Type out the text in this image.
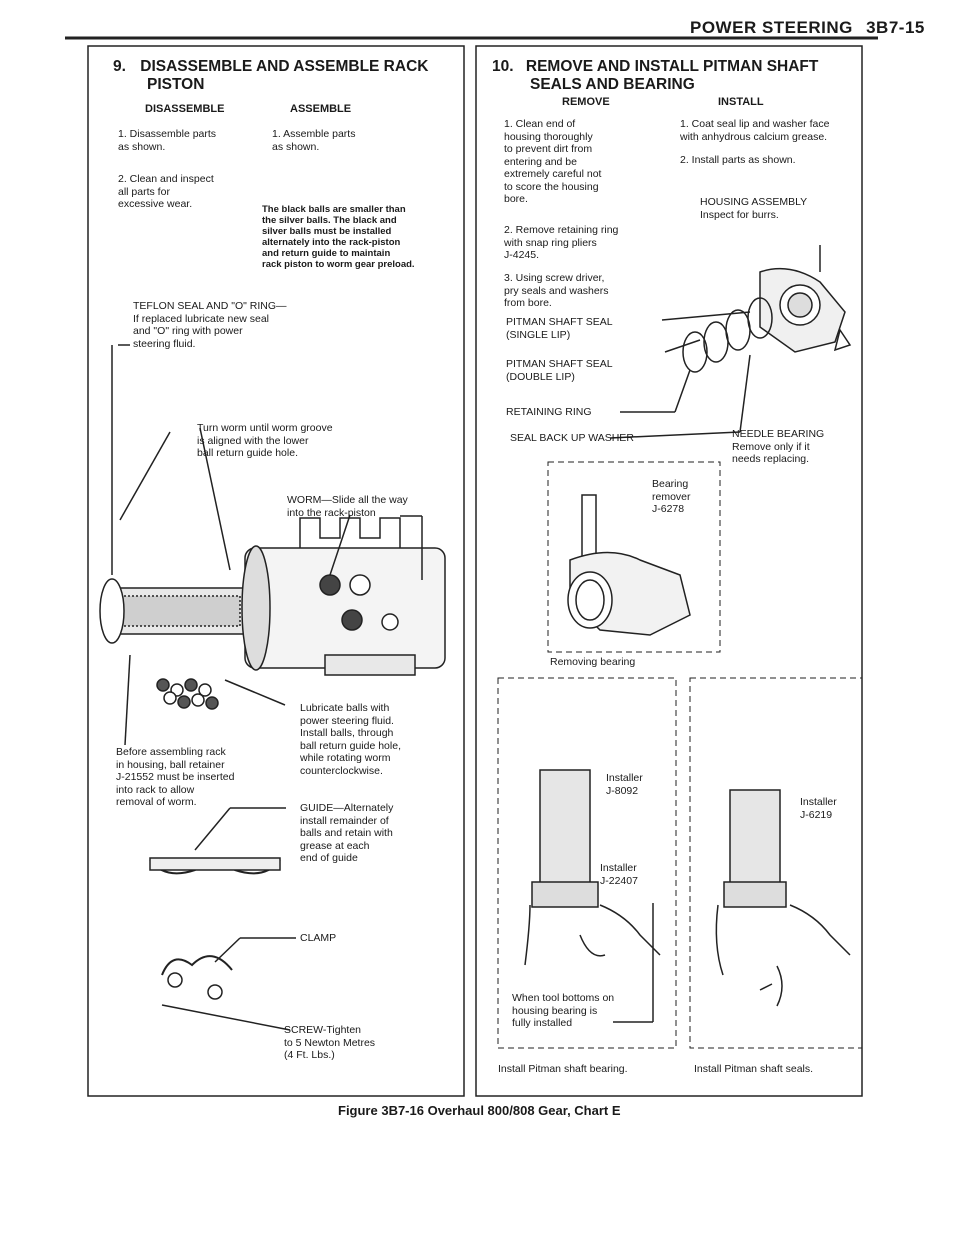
POWER STEERING 3B7-15
9. DISASSEMBLE AND ASSEMBLE RACK
PISTON
DISASSEMBLE	ASSEMBLE
1. Disassemble parts
as shown.
2. Clean and inspect
all parts for
excessive wear.
1. Assemble parts
as shown.
The black balls are smaller than
the silver balls. The black and
silver balls must be installed
alternately into the rack-piston
and return guide to maintain
rack piston to worm gear preload.
TEFLON SEAL AND "O" RING—
If replaced lubricate new seal
and "O" ring with power
steering fluid.
Turn worm until worm groove
is aligned with the lower
ball return guide hole.
WORM—Slide all the way
into the rack-piston
Lubricate balls with
power steering fluid.
Install balls, through
ball return guide hole,
while rotating worm
counterclockwise.
Before assembling rack
in housing, ball retainer
J-21552 must be inserted
into rack to allow
removal of worm.	GUIDE—Alternately
install remainder of
balls and retain with
grease at each
end of guide
CLAMP
SCREW-Tighten
to 5 Newton Metres
(4 Ft. Lbs.)
10. REMOVE AND INSTALL PITMAN SHAFT
SEALS AND BEARING
REMOVE	INSTALL
1. Clean end of
housing thoroughly
to prevent dirt from
entering and be
extremely careful not
to score the housing
bore.
2. Remove retaining ring
with snap ring pliers
J-4245.
3. Using screw driver,
pry seals and washers
from bore.
1. Coat seal lip and washer face
with anhydrous calcium grease.
2. Install parts as shown.
HOUSING ASSEMBLY
Inspect for burrs.
PITMAN SHAFT SEAL
(SINGLE LIP)
PITMAN SHAFT SEAL
(DOUBLE LIP)
RETAINING RING
SEAL BACK UP WASHER	NEEDLE BEARING
Remove only if it
needs replacing.
Bearing
remover
J-6278
Removing bearing
Installer
J-8092
Installer
J-22407
When tool bottoms on
housing bearing is
fully installed
Install Pitman shaft bearing.
Installer
J-6219
Install Pitman shaft seals.
Figure 3B7-16 Overhaul 800/808 Gear, Chart E
